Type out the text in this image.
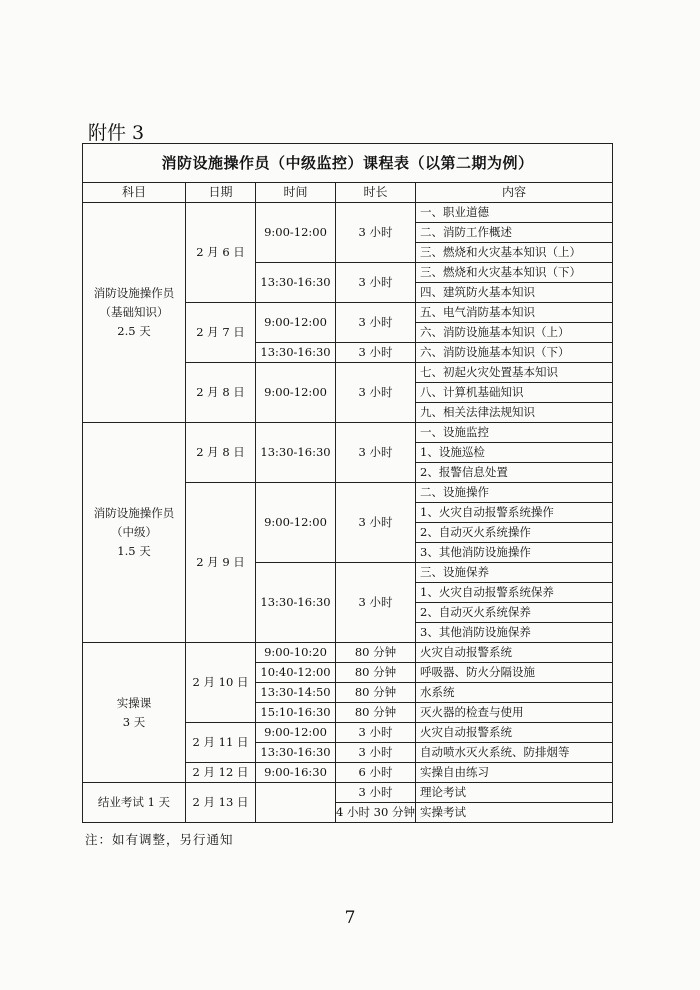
附件 3
消防设施操作员（中级监控）课程表（以第二期为例）				
科目	日期	时间	时长	内容

消防设施操作员
（基础知识）
2.5 天	2 月 6 日	9:00-12:00	3 小时	一、职业道德
				二、消防工作概述
				三、燃烧和火灾基本知识（上）
		13:30-16:30	3 小时	三、燃烧和火灾基本知识（下）
				四、建筑防火基本知识
	2 月 7 日	9:00-12:00	3 小时	五、电气消防基本知识
				六、消防设施基本知识（上）
		13:30-16:30	3 小时	六、消防设施基本知识（下）
	2 月 8 日	9:00-12:00	3 小时	七、初起火灾处置基本知识
				八、计算机基础知识
				九、相关法律法规知识

消防设施操作员
（中级）
1.5 天	2 月 8 日	13:30-16:30	3 小时	一、设施监控
				1、设施巡检
				2、报警信息处置
	2 月 9 日	9:00-12:00	3 小时	二、设施操作
				1、火灾自动报警系统操作
				2、自动灭火系统操作
				3、其他消防设施操作
		13:30-16:30	3 小时	三、设施保养
				1、火灾自动报警系统保养
				2、自动灭火系统保养
				3、其他消防设施保养

实操课
3 天	2 月 10 日	9:00-10:20	80 分钟	火灾自动报警系统
		10:40-12:00	80 分钟	呼吸器、防火分隔设施
		13:30-14:50	80 分钟	水系统
		15:10-16:30	80 分钟	灭火器的检查与使用
	2 月 11 日	9:00-12:00	3 小时	火灾自动报警系统
		13:30-16:30	3 小时	自动喷水灭火系统、防排烟等
	2 月 12 日	9:00-16:30	6 小时	实操自由练习
结业考试 1 天	2 月 13 日		3 小时	理论考试
			4 小时 30 分钟	实操考试
注：如有调整，另行通知
7
